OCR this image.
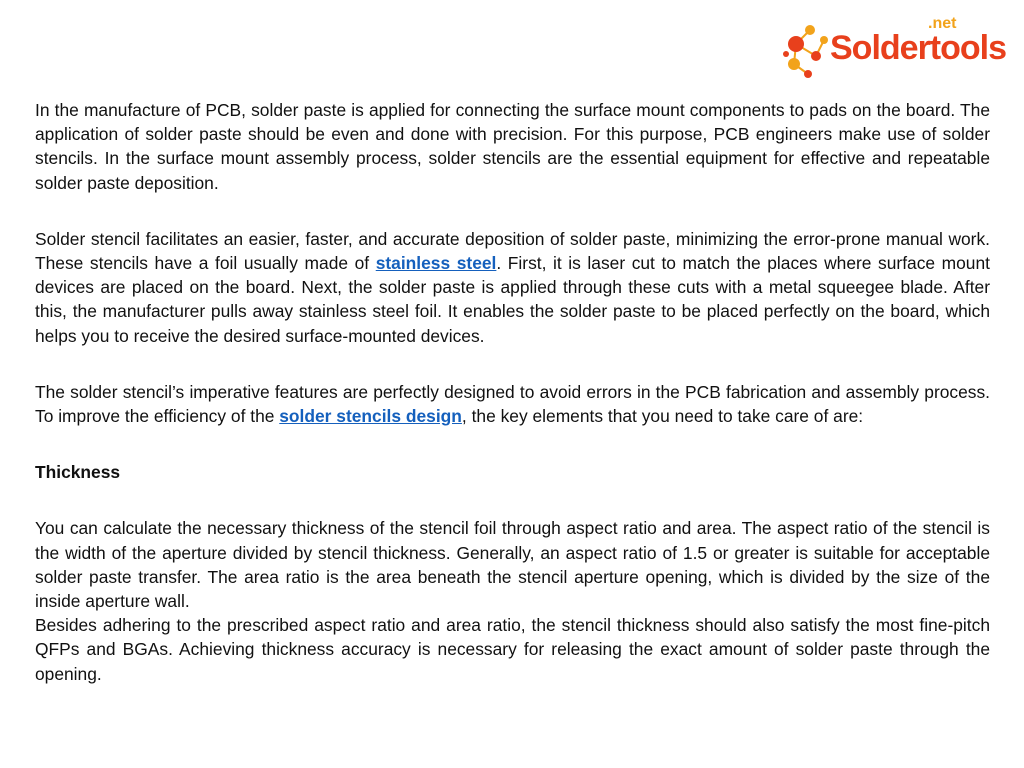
Soldertools
.net

In the manufacture of PCB, solder paste is applied for connecting the surface mount components to pads on the board. The application of solder paste should be even and done with precision. For this purpose, PCB engineers make use of solder stencils. In the surface mount assembly process, solder stencils are the essential equipment for effective and repeatable solder paste deposition.

Solder stencil facilitates an easier, faster, and accurate deposition of solder paste, minimizing the error-prone manual work. These stencils have a foil usually made of stainless steel. First, it is laser cut to match the places where surface mount devices are placed on the board. Next, the solder paste is applied through these cuts with a metal squeegee blade. After this, the manufacturer pulls away stainless steel foil. It enables the solder paste to be placed perfectly on the board, which helps you to receive the desired surface-mounted devices.

The solder stencil’s imperative features are perfectly designed to avoid errors in the PCB fabrication and assembly process. To improve the efficiency of the solder stencils design, the key elements that you need to take care of are:

Thickness

You can calculate the necessary thickness of the stencil foil through aspect ratio and area. The aspect ratio of the stencil is the width of the aperture divided by stencil thickness. Generally, an aspect ratio of 1.5 or greater is suitable for acceptable solder paste transfer. The area ratio is the area beneath the stencil aperture opening, which is divided by the size of the inside aperture wall.

Besides adhering to the prescribed aspect ratio and area ratio, the stencil thickness should also satisfy the most fine-pitch QFPs and BGAs. Achieving thickness accuracy is necessary for releasing the exact amount of solder paste through the opening.
